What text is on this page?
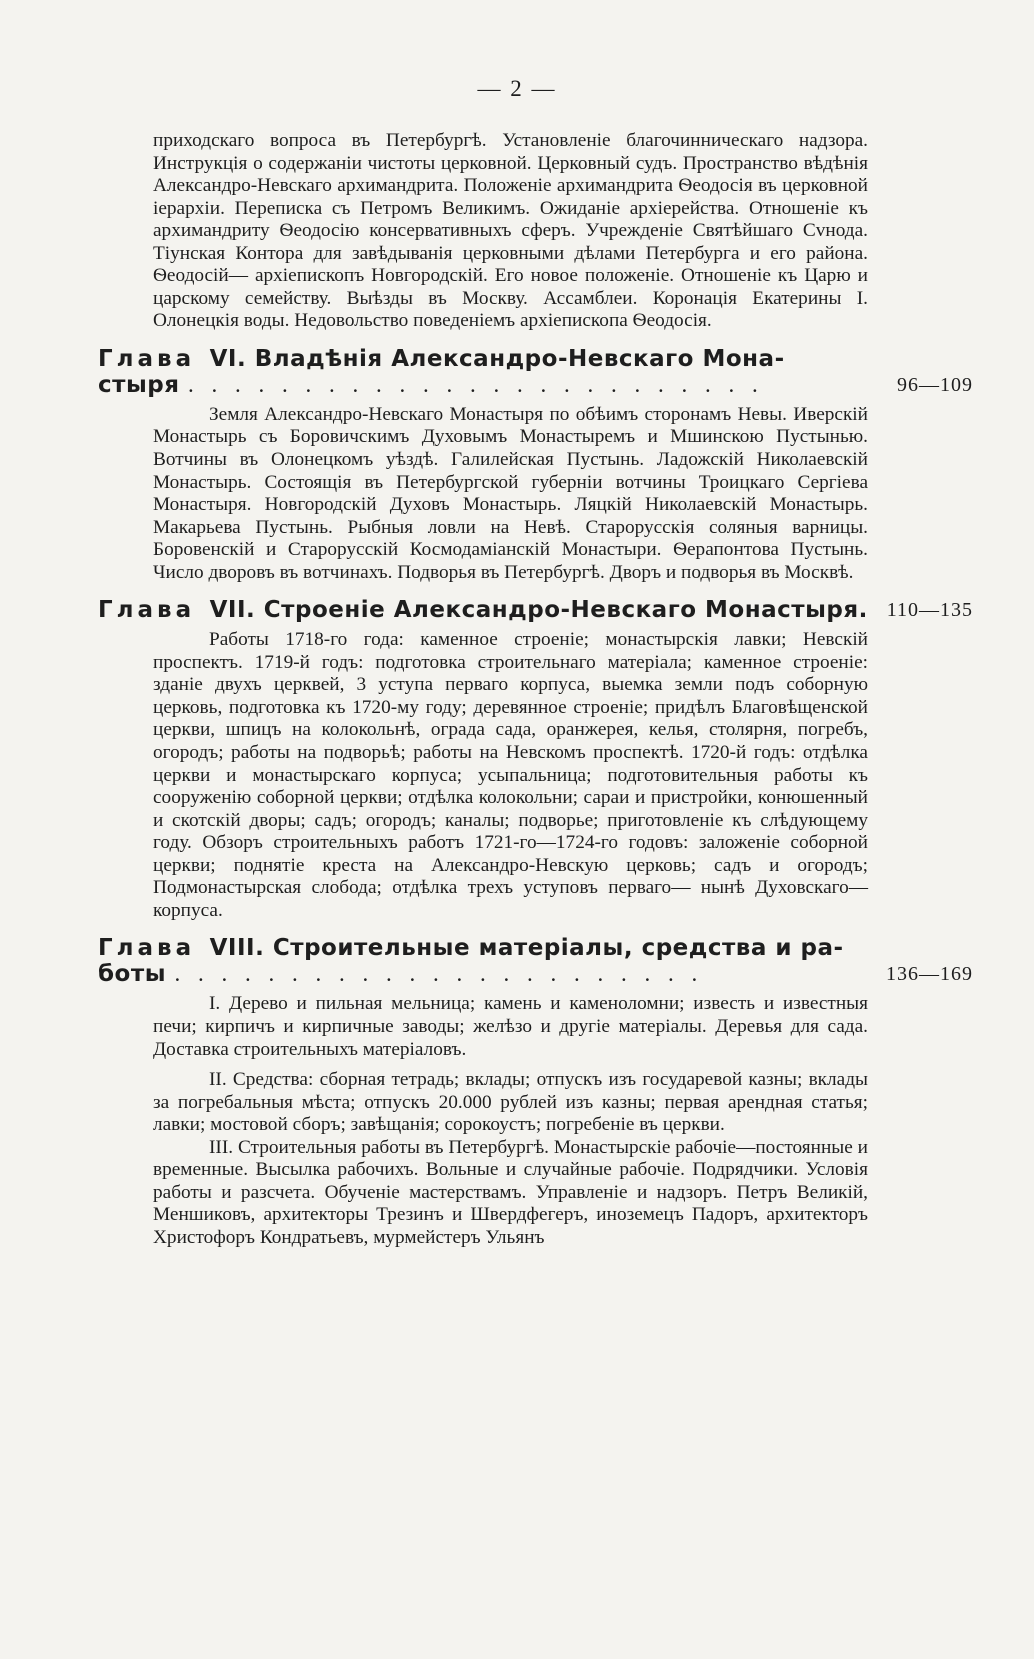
— 2 —

приходскаго вопроса въ Петербургѣ. Установленіе благочинническаго надзора. Инструкція о содержаніи чистоты церковной. Церковный судъ. Пространство вѣдѣнія Александро-Невскаго архимандрита. Положеніе архимандрита Ѳеодосія въ церковной іерархіи. Переписка съ Петромъ Великимъ. Ожиданіе архіерейства. Отношеніе къ архимандриту Ѳеодосію консервативныхъ сферъ. Учрежденіе Святѣйшаго Сvнода. Тіунская Контора для завѣдыванія церковными дѣлами Петербурга и его района. Ѳеодосій— архіепископъ Новгородскій. Его новое положеніе. Отношеніе къ Царю и царскому семейству. Выѣзды въ Москву. Ассамблеи. Коронація Екатерины I. Олонецкія воды. Недовольство поведеніемъ архіепископа Ѳеодосія.

Глава VI. Владѣнія Александро-Невскаго Мона-
стыря . . . . . . . . . . . . . . . . . . . . . . . . .	96—109

Земля Александро-Невскаго Монастыря по обѣимъ сторонамъ Невы. Иверскій Монастырь съ Боровичскимъ Духовымъ Монастыремъ и Мшинскою Пустынью. Вотчины въ Олонецкомъ уѣздѣ. Галилейская Пустынь. Ладожскій Николаевскій Монастырь. Состоящія въ Петербургской губерніи вотчины Троицкаго Сергіева Монастыря. Новгородскій Духовъ Монастырь. Ляцкій Николаевскій Монастырь. Макарьева Пустынь. Рыбныя ловли на Невѣ. Старорусскія соляныя варницы. Боровенскій и Старорусскій Космодаміанскій Монастыри. Ѳерапонтова Пустынь. Число дворовъ въ вотчинахъ. Подворья въ Петербургѣ. Дворъ и подворья въ Москвѣ.

Глава VII. Строеніе Александро-Невскаго Монастыря. 110—135

Работы 1718-го года: каменное строеніе; монастырскія лавки; Невскій проспектъ. 1719-й годъ: подготовка строительнаго матеріала; каменное строеніе: зданіе двухъ церквей, 3 уступа перваго корпуса, выемка земли подъ соборную церковь, подготовка къ 1720-му году; деревянное строеніе; придѣлъ Благовѣщенской церкви, шпицъ на колокольнѣ, ограда сада, оранжерея, келья, столярня, погребъ, огородъ; работы на подворьѣ; работы на Невскомъ проспектѣ. 1720-й годъ: отдѣлка церкви и монастырскаго корпуса; усыпальница; подготовительныя работы къ сооруженію соборной церкви; отдѣлка колокольни; сараи и пристройки, конюшенный и скотскій дворы; садъ; огородъ; каналы; подворье; приготовленіе къ слѣдующему году. Обзоръ строительныхъ работъ 1721-го—1724-го годовъ: заложеніе соборной церкви; поднятіе креста на Александро-Невскую церковь; садъ и огородъ; Подмонастырская слобода; отдѣлка трехъ уступовъ перваго— нынѣ Духовскаго—корпуса.

Глава VIII. Строительные матеріалы, средства и ра-
боты . . . . . . . . . . . . . . . . . . . . . . .	136—169

I. Дерево и пильная мельница; камень и каменоломни; известь и известныя печи; кирпичъ и кирпичные заводы; желѣзо и другіе матеріалы. Деревья для сада. Доставка строительныхъ матеріаловъ.

II. Средства: сборная тетрадь; вклады; отпускъ изъ государевой казны; вклады за погребальныя мѣста; отпускъ 20.000 рублей изъ казны; первая арендная статья; лавки; мостовой сборъ; завѣщанія; сорокоустъ; погребеніе въ церкви.

III. Строительныя работы въ Петербургѣ. Монастырскіе рабочіе—постоянные и временные. Высылка рабочихъ. Вольные и случайные рабочіе. Подрядчики. Условія работы и разсчета. Обученіе мастерствамъ. Управленіе и надзоръ. Петръ Великій, Меншиковъ, архитекторы Трезинъ и Швердфегеръ, иноземецъ Падоръ, архитекторъ Христофоръ Кондратьевъ, мурмейстеръ Ульянъ
